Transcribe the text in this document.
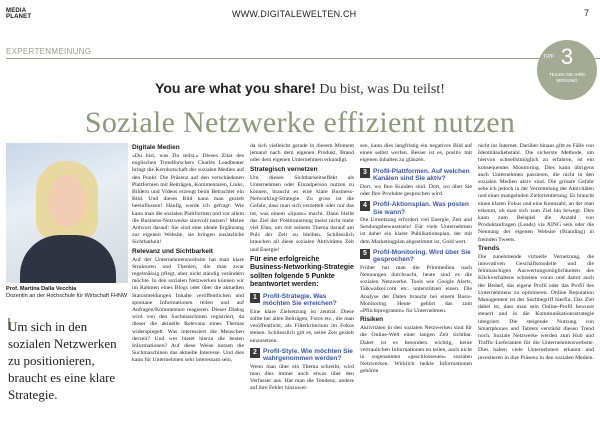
MEDIA
PLANET	WWW.DIGITALEWELTEN.CH	7
EXPERTENMEINUNG
TIPP 3
TEILEN SIE IHRE
MEINUNG
You are what you share! Du bist, was Du teilst!
Soziale Netzwerke effizient nutzen
Prof. Martina Dalla Vecchia
Dozentin an der Hochschule für Wirtschaft FHNW
Um sich in den sozialen Netzwerken zu positionieren, braucht es eine klare Strategie.
Digitale Medien

«Du bist, was Du teilst.» Dieses Zitat des englischen Trendforschers Charles Leadbeater bringt die Kernbotschaft der sozialen Medien auf den Punkt. Die Präsenz auf den verschiedenen Plattformen mit Beiträgen, Kommentaren, Links, Bildern und Videos erzeugt beim Betrachter ein Bild. Und dieses Bild kann man gezielt beeinflussen! Häufig werde ich gefragt: Wie kann man die sozialen Plattformen und vor allem die Business-Netzwerke sinnvoll nutzen? Meine Antwort darauf: Sie sind eine ideale Ergänzung zur eigenen Website, sie bringen zusätzliche Sichtbarkeit!

Relevanz und Sichtbarkeit

Auf der Unternehmenswebsite hat man klare Strukturen und Themen, die man zwar regelmässig pflegt, aber nicht ständig verändern möchte. In den sozialen Netzwerken können wir im Rahmen eines Blogs oder über die aktuellen Statusmeldungen Inhalte veröffentlichen und spontane Informationen teilen und auf Anfragen/Kommentare reagieren. Dieser Dialog wird von den Suchmaschinen registriert, da dieser die aktuelle Relevanz eines Themas widerspiegelt. Was interessiert die Menschen derzeit? Und wer bietet hierzu die besten Informationen? Auf diese Weise nutzen die Suchmaschinen das aktuelle Interesse. Und dies kann für Unternehmen sehr interessant sein,

da sich vielleicht gerade in diesem Moment jemand nach dem eigenen Produkt, Brand oder dem eigenen Unternehmen erkundigt.

Strategisch vernetzen

Um diesen Sichtbarkeitseffekt als Unternehmen oder Einzelperson nutzen zu können, braucht es eine klare Business-Networking-Strategie. Zu gross ist die Gefahr, dass man sich verzettelt oder nur das tut, was einem «Spass» macht. Dann bleibt das Ziel der Positionierung meist nicht mehr viel Elan, um mit seinem Thema darauf am Puls der Zeit zu bleiben. Schliesslich brauchen all diese sozialen Aktivitäten Zeit und Energie!

Für eine erfolgreiche Business-Networking-Strategie sollten folgende 5 Punkte beantwortet werden:
1 Profil-Strategie. Was möchten Sie erreichen?

Eine klare Zielsetzung ist zentral. Diese sollte bei allen Beiträgen, Fotos etc., die man veröffentlicht, als Filterkriterium im Fokus stehen. Schliesslich gilt es, seine Zeit gezielt einzusetzen.

2 Profil-Style. Wie möchten Sie wahrgenommen werden?

Wenn man über ein Thema schreibt, wird man dies immer auch etwas über den Verfasser aus. Hat man die Tendenz, andere auf ihre Fehler hinzuwei-

sen, kann dies langfristig ein negatives Bild auf einen selbst werfen. Besser ist es, positiv mit eigenen Inhalten zu glänzen.

3 Profil-Plattformen. Auf welchen Kanälen sind Sie aktiv?

Dort, wo Ihre Kunden sind. Dort, wo über Sie oder Ihre Produkte gesprochen wird.

4 Profil-Aktionsplan. Was posten Sie wann?

Die Umsetzung erfordert viel Energie, Zeit und Sendungsbewusstsein! Für viele Unternehmen ist daher ein klarer Publikationsplan, der mit dem Marketingplan abgestimmt ist, Gold wert.

5 Profil-Monitoring. Wird über Sie gesprochen?

Früher hat man die Printmedien nach Nennungen durchsucht, heute sind es die sozialen Netzwerke. Tools wie Google Alerts, Talkwalker.com etc. unterstützen einen. Die Analyse der Daten braucht bei einem Basis-Monitoring. Heute gehört das zum «Pflichtprogramm» für Unternehmen.

Risiken

Aktivitäten in den sozialen Netzwerken sind für die Online-Welt einer langen Zeit sichtbar. Daher ist es besonders wichtig, keine vertraulichen Informationen zu teilen, auch nicht in sogenannten «geschlossenen» sozialen Netzwerken. Wirklich heikle Informationen gehören

nicht ins Internet. Darüber hinaus gibt es Fälle von Identitätsdiebstahl. Die sicherste Methode, um hiervon schnellstmöglich zu erfahren, ist ein konsequentes Monitoring. Dies kann übrigens auch Unternehmen passieren, die nicht in den sozialen Medien aktiv sind. Die grösste Gefahr sehe ich jedoch in der Verzettelung der Aktivitäten und einer mangelnden Zielorientierung. Es braucht einen klaren Fokus und eine Kennzahl, an der man erkennt, ob man sich zum Ziel hin bewegt. Dies kann zum Beispiel die Anzahl von Produktanfragen (Leads) via XING sein oder die Nennung der eigenen Website (Branding) in fremden Tweets.

Trends

Die zunehmende virtuelle Vernetzung, die innovativen Geschäftsmodelle und die feinmaschigen Auswertungsmöglichkeiten des Klickverhaltens schreiten voran und damit auch der Bedarf, das eigene Profil oder das Profil des Unternehmens zu optimieren. Online Reputation Management ist der Suchbegriff hierfür. Das Ziel dabei ist, dass man sein Online-Profil bewusst steuert und in die Kommunikationsstrategie integriert. Die steigende Nutzung von Smartphones und Tablets verstärkt diesen Trend noch. Soziale Netzwerke werden zum Hub und Traffic-Lieferanten für die Unternehmenswebsite. Dies haben viele Unternehmen erkannt und investieren in ihre Präsenz in den sozialen Medien.
